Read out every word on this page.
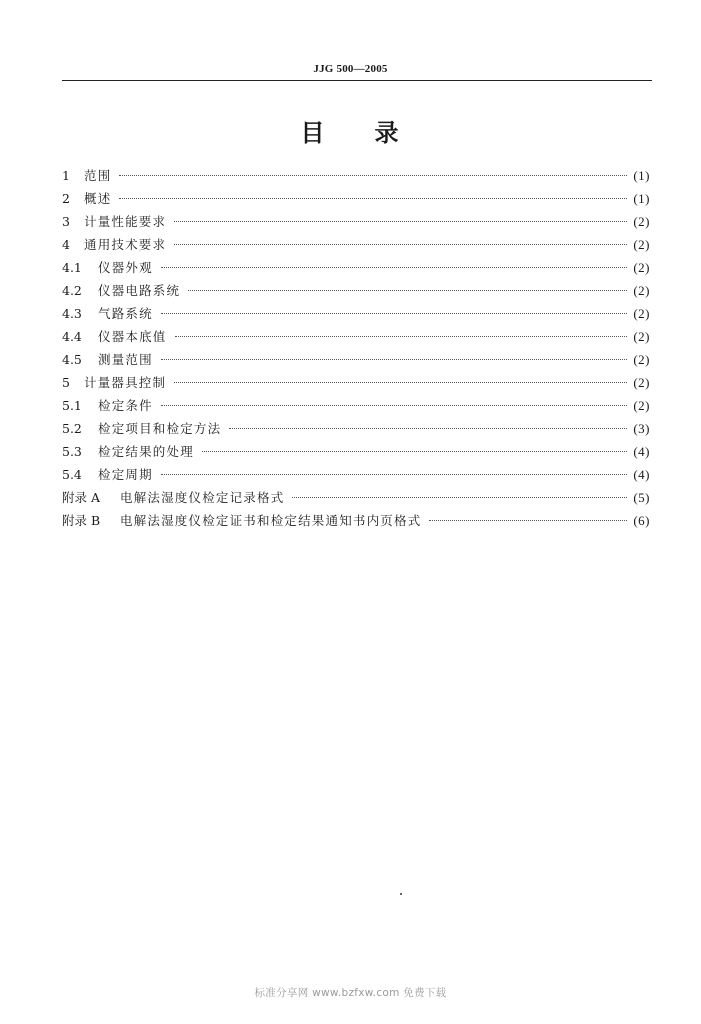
JJG 500—2005
目 录
1	范围	(1)
2	概述	(1)
3	计量性能要求	(2)
4	通用技术要求	(2)
4.1	仪器外观	(2)
4.2	仪器电路系统	(2)
4.3	气路系统	(2)
4.4	仪器本底值	(2)
4.5	测量范围	(2)
5	计量器具控制	(2)
5.1	检定条件	(2)
5.2	检定项目和检定方法	(3)
5.3	检定结果的处理	(4)
5.4	检定周期	(4)
附录 A	电解法湿度仪检定记录格式	(5)
附录 B	电解法湿度仪检定证书和检定结果通知书内页格式	(6)
标准分享网 www.bzfxw.com 免费下载
